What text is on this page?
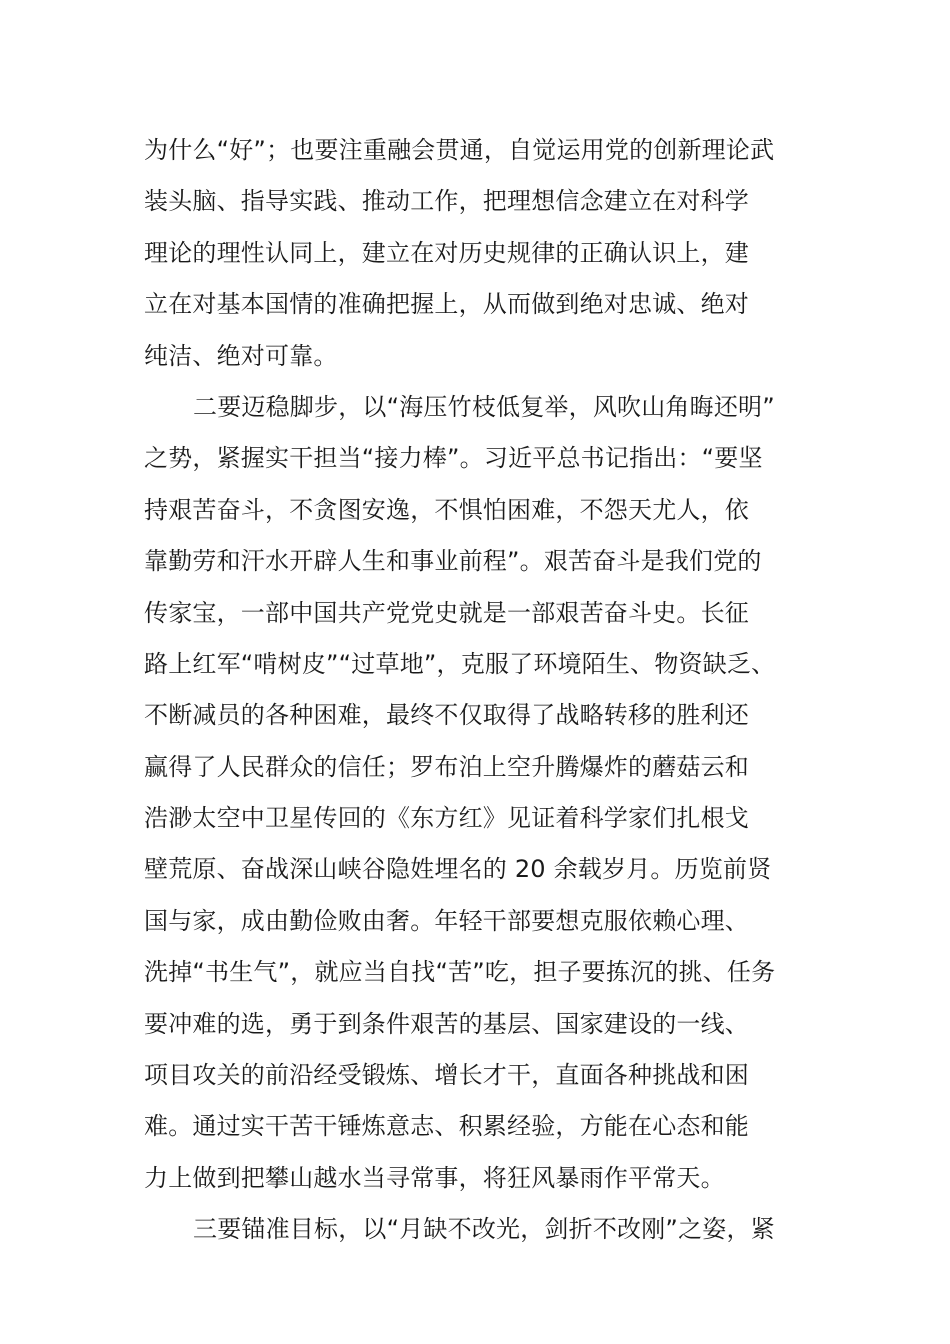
为什么“好”；也要注重融会贯通，自觉运用党的创新理论武
装头脑、指导实践、推动工作，把理想信念建立在对科学
理论的理性认同上，建立在对历史规律的正确认识上，建
立在对基本国情的准确把握上，从而做到绝对忠诚、绝对
纯洁、绝对可靠。
二要迈稳脚步，以“海压竹枝低复举，风吹山角晦还明”
之势，紧握实干担当“接力棒”。习近平总书记指出：“要坚
持艰苦奋斗，不贪图安逸，不惧怕困难，不怨天尤人，依
靠勤劳和汗水开辟人生和事业前程”。艰苦奋斗是我们党的
传家宝，一部中国共产党党史就是一部艰苦奋斗史。长征
路上红军“啃树皮”“过草地”，克服了环境陌生、物资缺乏、
不断减员的各种困难，最终不仅取得了战略转移的胜利还
赢得了人民群众的信任；罗布泊上空升腾爆炸的蘑菇云和
浩渺太空中卫星传回的《东方红》见证着科学家们扎根戈
壁荒原、奋战深山峡谷隐姓埋名的 20 余载岁月。历览前贤
国与家，成由勤俭败由奢。年轻干部要想克服依赖心理、
洗掉“书生气”，就应当自找“苦”吃，担子要拣沉的挑、任务
要冲难的选，勇于到条件艰苦的基层、国家建设的一线、
项目攻关的前沿经受锻炼、增长才干，直面各种挑战和困
难。通过实干苦干锤炼意志、积累经验，方能在心态和能
力上做到把攀山越水当寻常事，将狂风暴雨作平常天。
三要锚准目标，以“月缺不改光，剑折不改刚”之姿，紧
